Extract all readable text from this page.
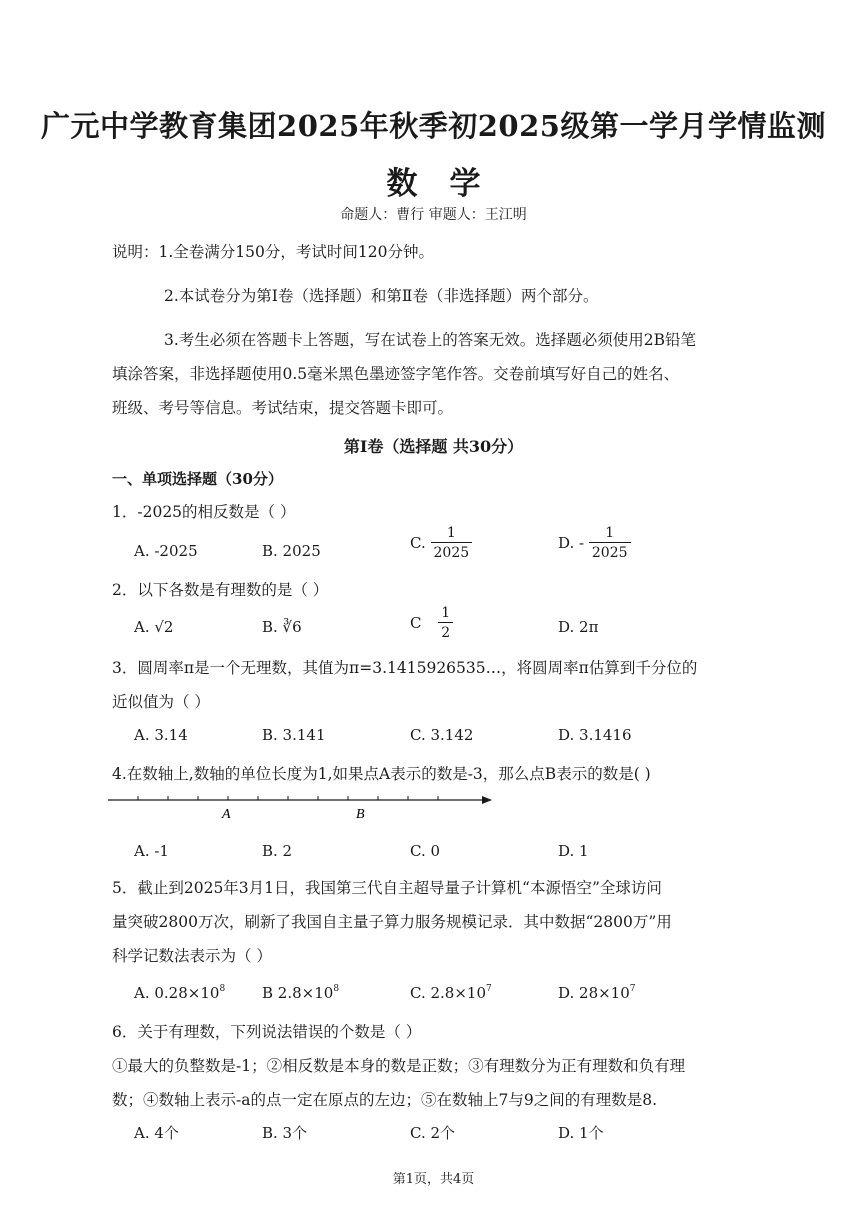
广元中学教育集团2025年秋季初2025级第一学月学情监测
数学
命题人：曹行 审题人：王江明
说明：1.全卷满分150分，考试时间120分钟。
2.本试卷分为第Ⅰ卷（选择题）和第Ⅱ卷（非选择题）两个部分。
3.考生必须在答题卡上答题，写在试卷上的答案无效。选择题必须使用2B铅笔
填涂答案，非选择题使用0.5毫米黑色墨迹签字笔作答。交卷前填写好自己的姓名、
班级、考号等信息。考试结束，提交答题卡即可。
第Ⅰ卷（选择题 共30分）
一、单项选择题（30分）
1．-2025的相反数是（ ）
A. -2025	B. 2025	C. $\frac{1}{2025}$	D. - $\frac{1}{2025}$
2．以下各数是有理数的是（ ）
A. √2	B. ∛6	C $\frac{1}{2}$	D. 2π
3．圆周率π是一个无理数，其值为π=3.1415926535…，将圆周率π估算到千分位的
近似值为（ ）
A. 3.14	B. 3.141	C. 3.142	D. 3.1416
4.在数轴上,数轴的单位长度为1,如果点A表示的数是-3，那么点B表示的数是( )
A	B
A. -1	B. 2	C. 0	D. 1
5．截止到2025年3月1日，我国第三代自主超导量子计算机“本源悟空”全球访问
量突破2800万次，刷新了我国自主量子算力服务规模记录．其中数据“2800万”用
科学记数法表示为（ ）
A. $0.28\times 10^8$ B $2.8\times 10^8$	C. $2.8\times 10^7$	D. $28\times 10^7$
6．关于有理数，下列说法错误的个数是（ ）
①最大的负整数是-1；②相反数是本身的数是正数；③有理数分为正有理数和负有理
数；④数轴上表示-a的点一定在原点的左边；⑤在数轴上7与9之间的有理数是8.
A. 4个	B. 3个	C. 2个	D. 1个
第1页，共4页
